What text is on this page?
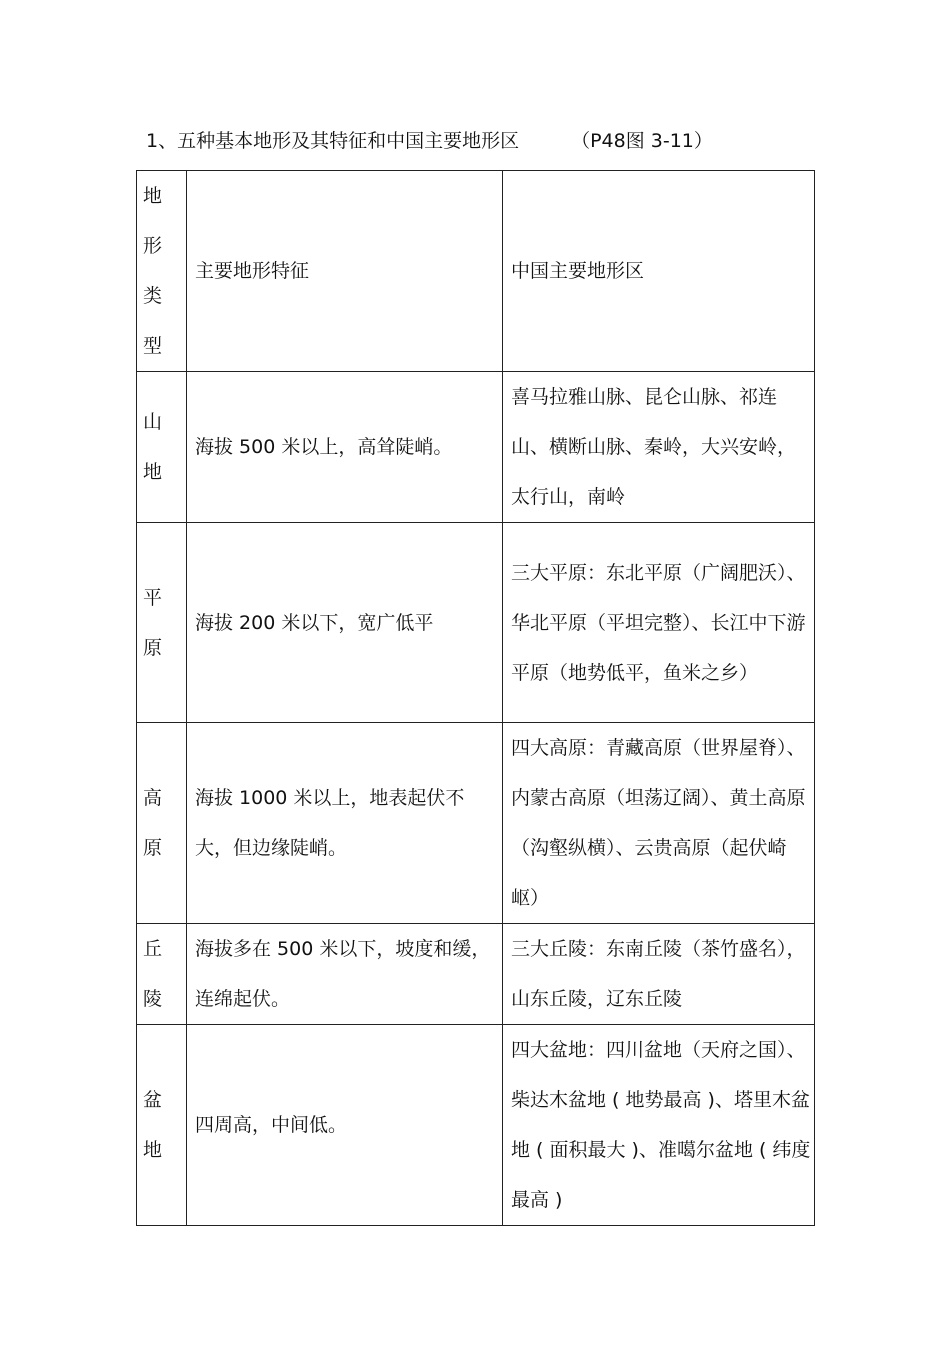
1、五种基本地形及其特征和中国主要地形区	（P48图 3-11）
地形类型	主要地形特征	中国主要地形区

山地	海拔 500 米以上，高耸陡峭。	喜马拉雅山脉、昆仑山脉、祁连山、横断山脉、秦岭，大兴安岭，太行山，南岭

平原	海拔 200 米以下，宽广低平	三大平原：东北平原（广阔肥沃）、华北平原（平坦完整）、长江中下游平原（地势低平，鱼米之乡）

高原	海拔 1000 米以上，地表起伏不大，但边缘陡峭。	四大高原：青藏高原（世界屋脊）、内蒙古高原（坦荡辽阔）、黄土高原（沟壑纵横）、云贵高原（起伏崎岖）

丘陵	海拔多在 500 米以下，坡度和缓，连绵起伏。	三大丘陵：东南丘陵（茶竹盛名），山东丘陵，辽东丘陵

盆地	四周高，中间低。	四大盆地：四川盆地（天府之国）、柴达木盆地 ( 地势最高 )、塔里木盆地 ( 面积最大 )、准噶尔盆地 ( 纬度最高 )
